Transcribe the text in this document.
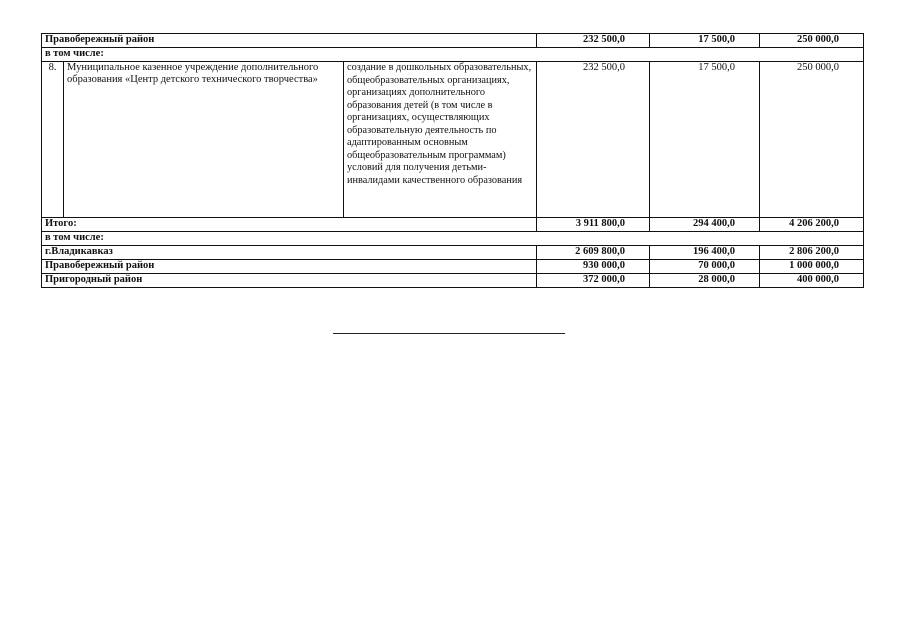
Правобережный район			232 500,0	17 500,0	250 000,0
в том числе:					
8.	Муниципальное казенное учреждение дополнительного образования «Центр детского технического творчества»	создание в дошкольных образовательных, общеобразовательных организациях, организациях дополнительного образования детей (в том числе в организациях, осуществляющих образовательную деятельность по адаптированным основным общеобразовательным программам) условий для получения детьми-инвалидами качественного образования	232 500,0	17 500,0	250 000,0
Итого:			3 911 800,0	294 400,0	4 206 200,0
в том числе:					
г.Владикавказ			2 609 800,0	196 400,0	2 806 200,0
Правобережный район			930 000,0	70 000,0	1 000 000,0
Пригородный район			372 000,0	28 000,0	400 000,0
